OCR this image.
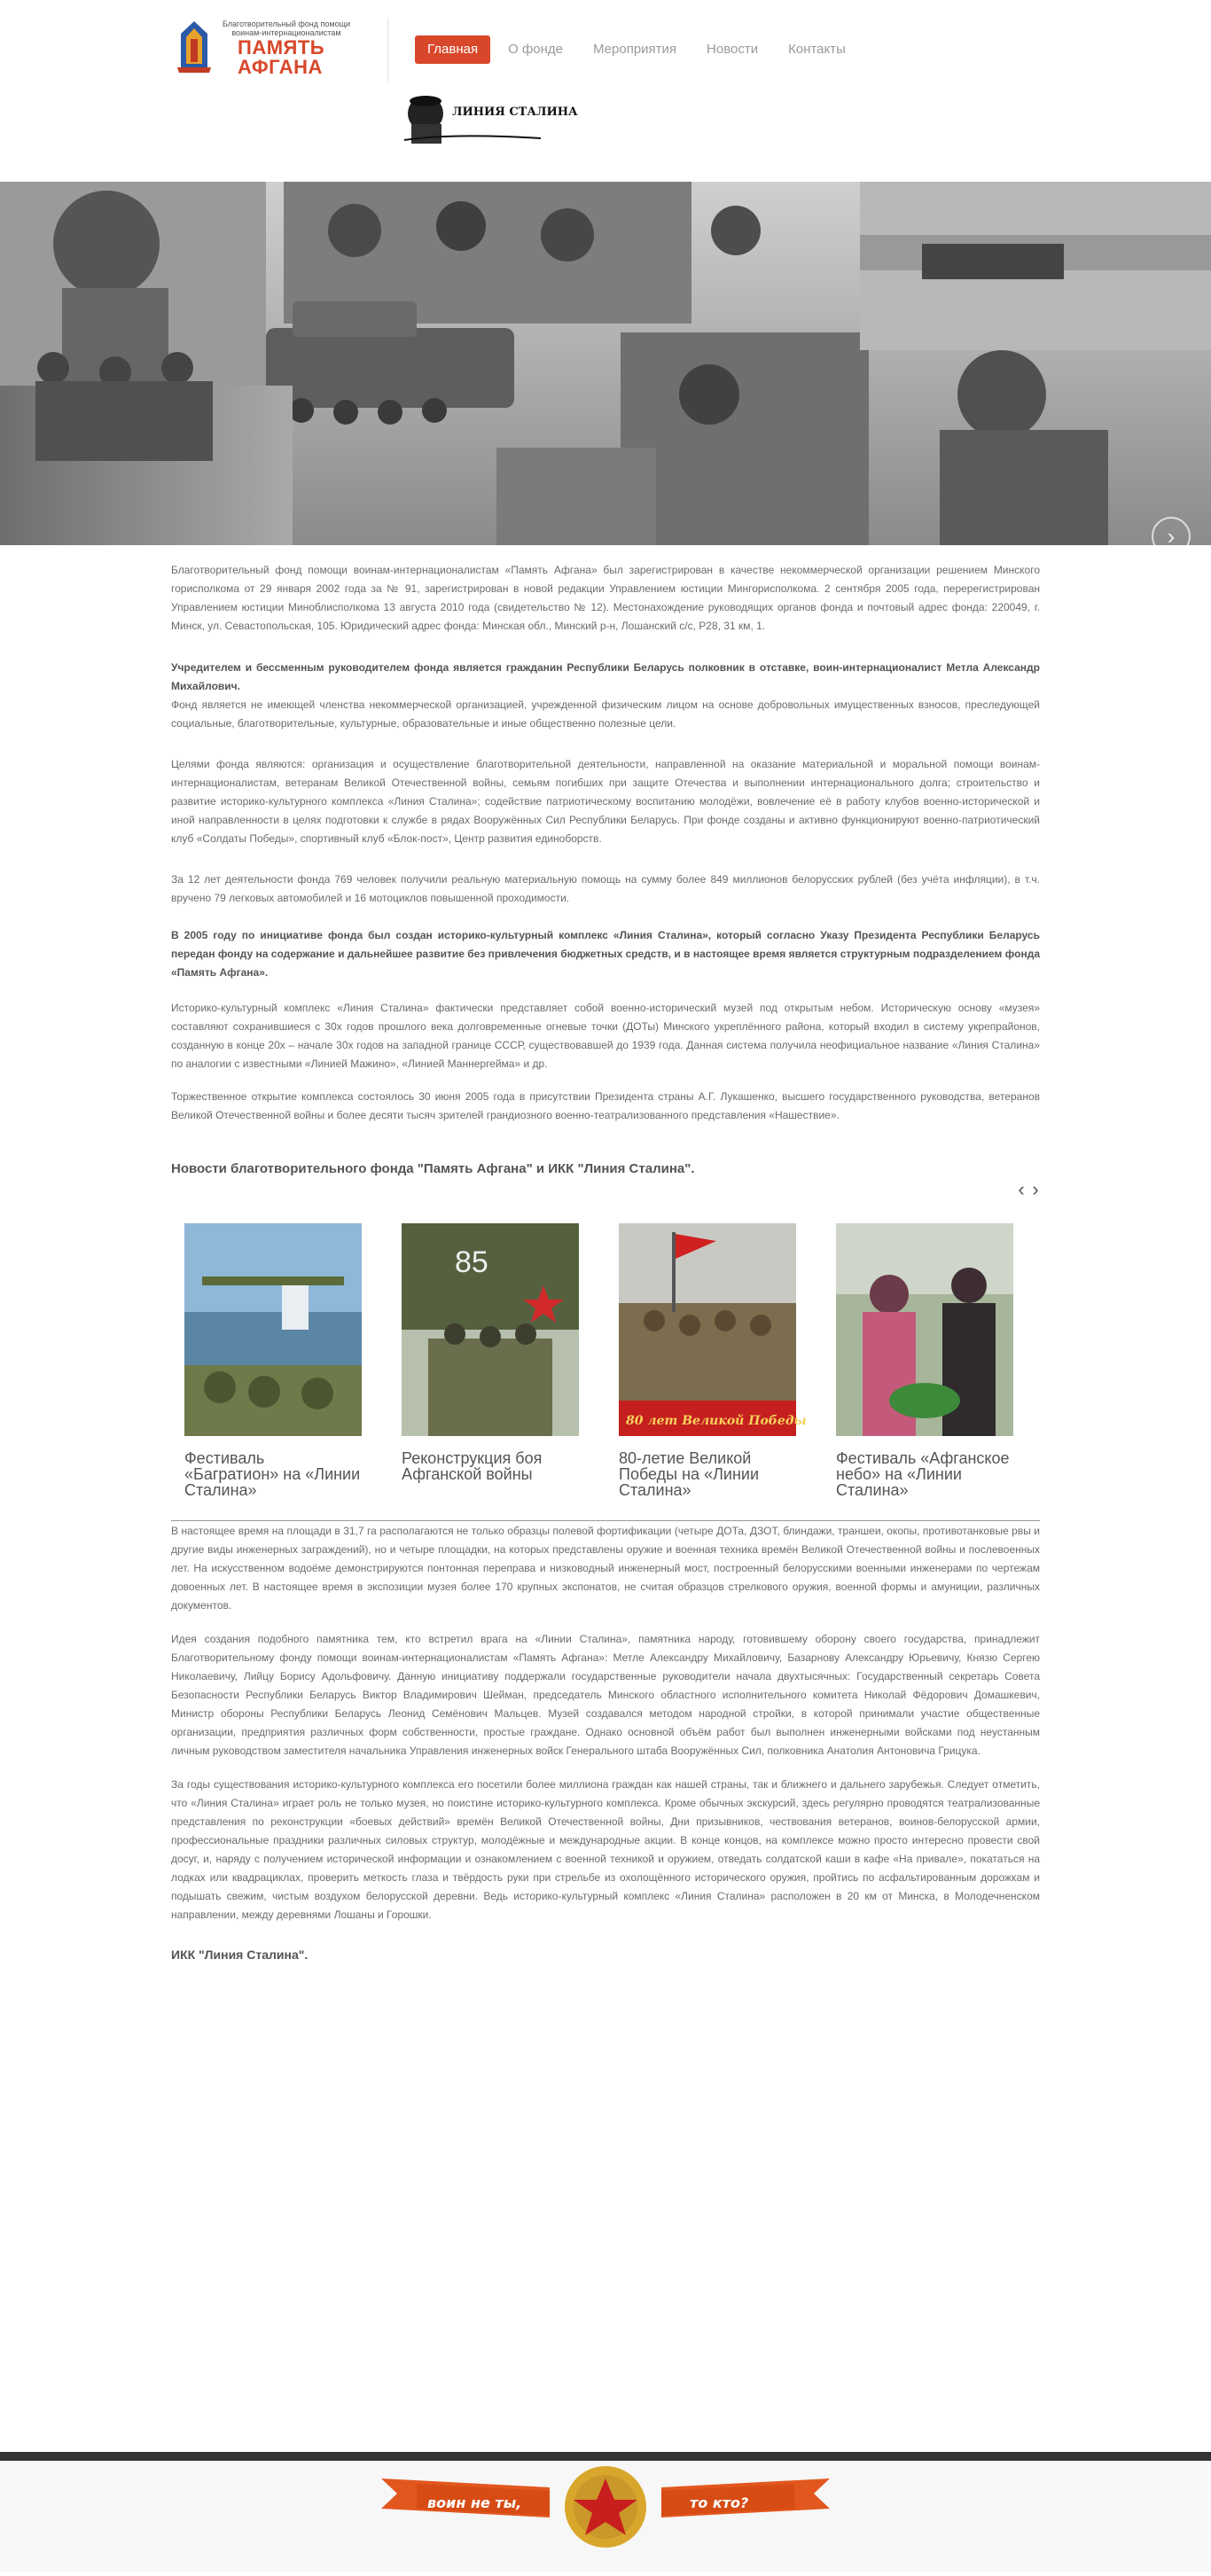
Благотворительный фонд помощи воинам-интернационалистам
ПАМЯТЬ
АФГАНА
Главная	О фонде	Мероприятия	Новости	Контакты
ЛИНИЯ СТАЛИНА
›

Благотворительный фонд помощи воинам-интернационалистам «Память Афгана» был зарегистрирован в качестве некоммерческой организации решением Минского горисполкома от 29 января 2002 года за № 91, зарегистрирован в новой редакции Управлением юстиции Мингорисполкома. 2 сентября 2005 года, перерегистрирован Управлением юстиции Минoблисполкома 13 августа 2010 года (свидетельство № 12). Местонахождение руководящих органов фонда и почтовый адрес фонда: 220049, г. Минск, ул. Севастопольская, 105. Юридический адрес фонда: Минская обл., Минский р-н, Лошанский с/с, Р28, 31 км, 1.

Учредителем и бессменным руководителем фонда является гражданин Республики Беларусь полковник в отставке, воин-интернационалист Метла Александр Михайлович.
Фонд является не имеющей членства некоммерческой организацией, учрежденной физическим лицом на основе добровольных имущественных взносов, преследующей социальные, благотворительные, культурные, образовательные и иные общественно полезные цели.

Целями фонда являются: организация и осуществление благотворительной деятельности, направленной на оказание материальной и моральной помощи воинам-интернационалистам, ветеранам Великой Отечественной войны, семьям погибших при защите Отечества и выполнении интернационального долга; строительство и развитие историко-культурного комплекса «Линия Сталина»; содействие патриотическому воспитанию молодёжи, вовлечение её в работу клубов военно-исторической и иной направленности в целях подготовки к службе в рядах Вооружённых Сил Республики Беларусь. При фонде созданы и активно функционируют военно-патриотический клуб «Солдаты Победы», спортивный клуб «Блок-пост», Центр развития единоборств.

За 12 лет деятельности фонда 769 человек получили реальную материальную помощь на сумму более 849 миллионов белорусских рублей (без учёта инфляции), в т.ч. вручено 79 легковых автомобилей и 16 мотоциклов повышенной проходимости.

В 2005 году по инициативе фонда был создан историко-культурный комплекс «Линия Сталина», который согласно Указу Президента Республики Беларусь передан фонду на содержание и дальнейшее развитие без привлечения бюджетных средств, и в настоящее время является структурным подразделением фонда «Память Афгана».

Историко-культурный комплекс «Линия Сталина» фактически представляет собой военно-исторический музей под открытым небом. Историческую основу «музея» составляют сохранившиеся с 30х годов прошлого века долговременные огневые точки (ДОТы) Минского укреплённого района, который входил в систему укрепрайонов, созданную в конце 20х – начале 30х годов на западной границе СССР, существовавшей до 1939 года. Данная система получила неофициальное название «Линия Сталина» по аналогии с известными «Линией Мажино», «Линией Маннергейма» и др.

Торжественное открытие комплекса состоялось 30 июня 2005 года в присутствии Президента страны А.Г. Лукашенко, высшего государственного руководства, ветеранов Великой Отечественной войны и более десяти тысяч зрителей грандиозного военно-театрализованного представления «Нашествие».

Новости благотворительного фонда "Память Афгана" и ИКК "Линия Сталина".
‹ ›
Фестиваль «Багратион» на «Линии Сталина»
85
Реконструкция боя Афганской войны
80 лет Великой Победы
80-летие Великой Победы на «Линии Сталина»
Фестиваль «Афганское небо» на «Линии Сталина»

В настоящее время на площади в 31,7 га располагаются не только образцы полевой фортификации (четыре ДОТа, ДЗОТ, блиндажи, траншеи, окопы, противотанковые рвы и другие виды инженерных заграждений), но и четыре площадки, на которых представлены оружие и военная техника времён Великой Отечественной войны и послевоенных лет. На искусственном водоёме демонстрируются понтонная переправа и низководный инженерный мост, построенный белорусскими военными инженерами по чертежам довоенных лет. В настоящее время в экспозиции музея более 170 крупных экспонатов, не считая образцов стрелкового оружия, военной формы и амуниции, различных документов.

Идея создания подобного памятника тем, кто встретил врага на «Линии Сталина», памятника народу, готовившему оборону своего государства, принадлежит Благотворительному фонду помощи воинам-интернационалистам «Память Афгана»: Метле Александру Михайловичу, Базарнову Александру Юрьевичу, Князю Сергею Николаевичу, Лийцу Борису Адольфовичу. Данную инициативу поддержали государственные руководители начала двухтысячных: Государственный секретарь Совета Безопасности Республики Беларусь Виктор Владимирович Шейман, председатель Минского областного исполнительного комитета Николай Фёдорович Домашкевич, Министр обороны Республики Беларусь Леонид Семёнович Мальцев. Музей создавался методом народной стройки, в которой принимали участие общественные организации, предприятия различных форм собственности, простые граждане. Однако основной объём работ был выполнен инженерными войсками под неустанным личным руководством заместителя начальника Управления инженерных войск Генерального штаба Вооружённых Сил, полковника Анатолия Антоновича Грицука.

За годы существования историко-культурного комплекса его посетили более миллиона граждан как нашей страны, так и ближнего и дальнего зарубежья. Следует отметить, что «Линия Сталина» играет роль не только музея, но поистине историко-культурного комплекса. Кроме обычных экскурсий, здесь регулярно проводятся театрализованные представления по реконструкции «боевых действий» времён Великой Отечественной войны, Дни призывников, чествования ветеранов, воинов-белорусской армии, профессиональные праздники различных силовых структур, молодёжные и международные акции. В конце концов, на комплексе можно просто интересно провести свой досуг, и, наряду с получением исторической информации и ознакомлением с военной техникой и оружием, отведать солдатской каши в кафе «На привале», покататься на лодках или квадрациклах, проверить меткость глаза и твёрдость руки при стрельбе из охолощённого исторического оружия, пройтись по асфальтированным дорожкам и подышать свежим, чистым воздухом белорусской деревни. Ведь историко-культурный комплекс «Линия Сталина» расположен в 20 км от Минска, в Молодечненском направлении, между деревнями Лошаны и Горошки.

ИКК "Линия Сталина".
воин не ты,	то кто?
